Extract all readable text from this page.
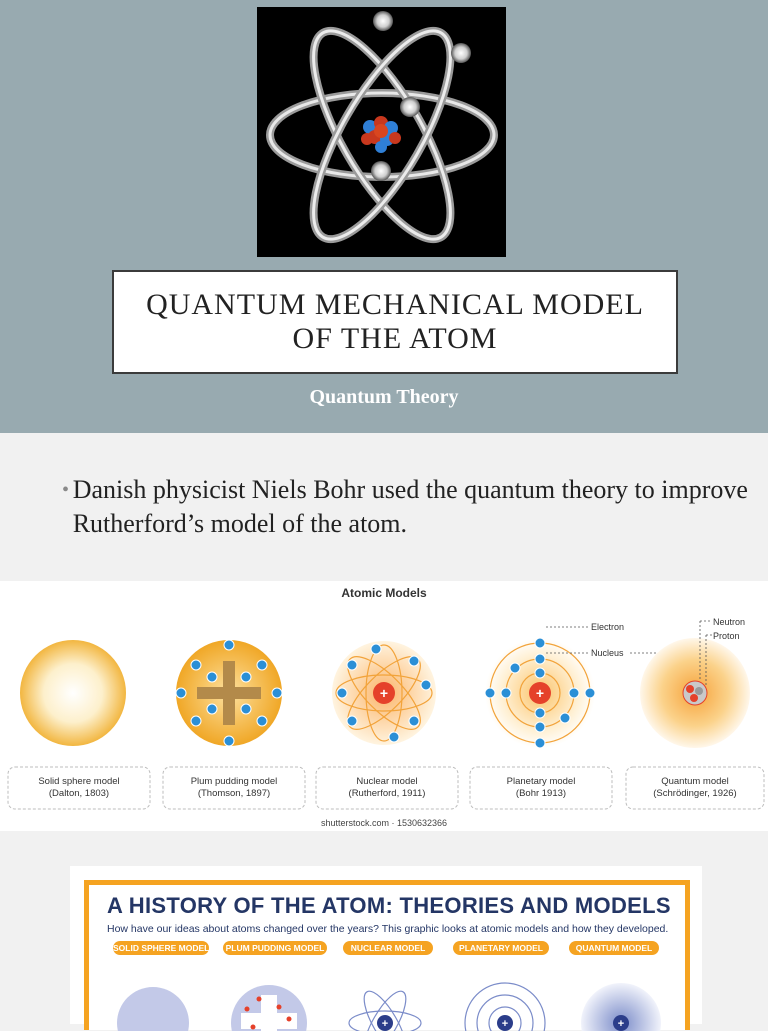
QUANTUM MECHANICAL MODEL OF THE ATOM
Quantum Theory
• Danish physicist Niels Bohr used the quantum theory to improve Rutherford’s model of the atom.
Atomic Models
+	+
Electron
Nucleus
Neutron
Proton
Solid sphere model
(Dalton, 1803)
Plum pudding model
(Thomson, 1897)
Nuclear model
(Rutherford, 1911)
Planetary model
(Bohr 1913)
Quantum model
(Schrödinger, 1926)
shutterstock.com · 1530632366
A HISTORY OF THE ATOM: THEORIES AND MODELS
How have our ideas about atoms changed over the years? This graphic looks at atomic models and how they developed.
SOLID SPHERE MODEL	PLUM PUDDING MODEL	NUCLEAR MODEL	PLANETARY MODEL	QUANTUM MODEL
+	+	+
